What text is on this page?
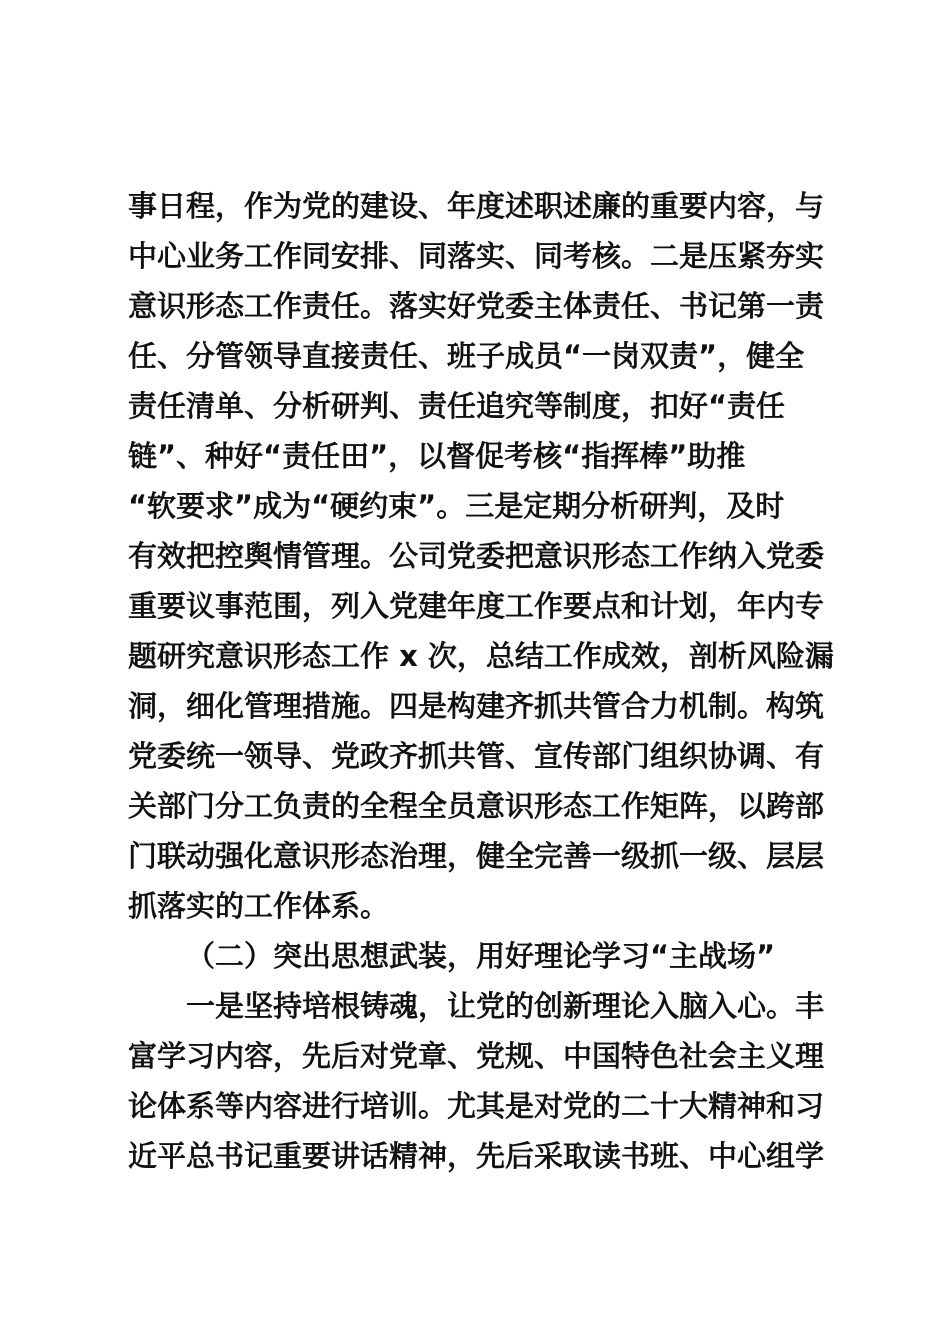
事日程，作为党的建设、年度述职述廉的重要内容，与
中心业务工作同安排、同落实、同考核。二是压紧夯实
意识形态工作责任。落实好党委主体责任、书记第一责
任、分管领导直接责任、班子成员“一岗双责”，健全
责任清单、分析研判、责任追究等制度，扣好“责任
链”、种好“责任田”，以督促考核“指挥棒”助推
“软要求”成为“硬约束”。三是定期分析研判，及时
有效把控舆情管理。公司党委把意识形态工作纳入党委
重要议事范围，列入党建年度工作要点和计划，年内专
题研究意识形态工作 x 次，总结工作成效，剖析风险漏
洞，细化管理措施。四是构建齐抓共管合力机制。构筑
党委统一领导、党政齐抓共管、宣传部门组织协调、有
关部门分工负责的全程全员意识形态工作矩阵，以跨部
门联动强化意识形态治理，健全完善一级抓一级、层层
抓落实的工作体系。
（二）突出思想武装，用好理论学习“主战场”
一是坚持培根铸魂，让党的创新理论入脑入心。丰
富学习内容，先后对党章、党规、中国特色社会主义理
论体系等内容进行培训。尤其是对党的二十大精神和习
近平总书记重要讲话精神，先后采取读书班、中心组学
